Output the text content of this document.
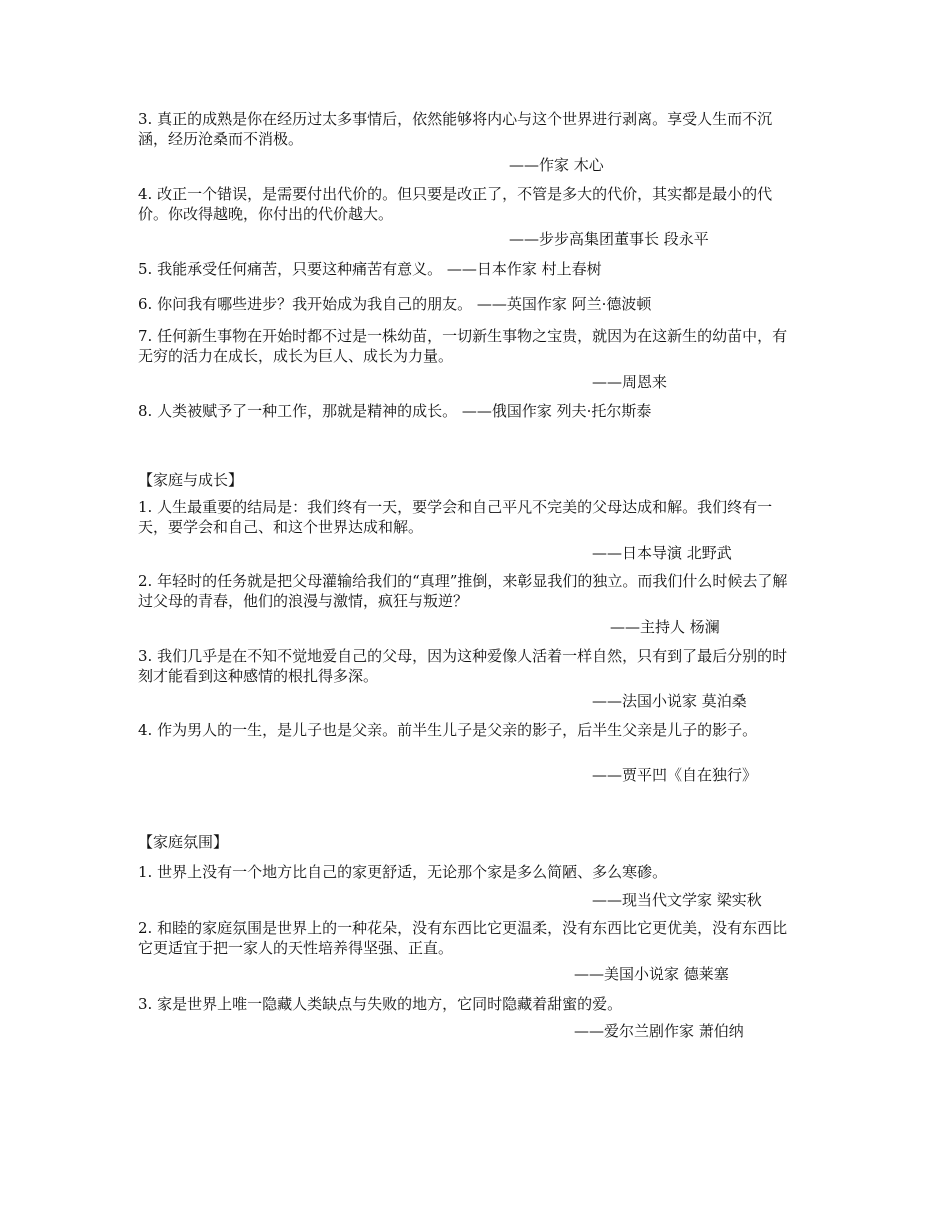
3. 真正的成熟是你在经历过太多事情后，依然能够将内心与这个世界进行剥离。享受人生而不沉涵，经历沧桑而不消极。
——作家 木心
4. 改正一个错误，是需要付出代价的。但只要是改正了，不管是多大的代价，其实都是最小的代价。你改得越晚，你付出的代价越大。
——步步高集团董事长 段永平
5. 我能承受任何痛苦，只要这种痛苦有意义。 ——日本作家 村上春树
6. 你问我有哪些进步？我开始成为我自己的朋友。 ——英国作家 阿兰·德波顿
7. 任何新生事物在开始时都不过是一株幼苗，一切新生事物之宝贵，就因为在这新生的幼苗中，有无穷的活力在成长，成长为巨人、成长为力量。
——周恩来
8. 人类被赋予了一种工作，那就是精神的成长。 ——俄国作家 列夫·托尔斯泰
【家庭与成长】
1. 人生最重要的结局是：我们终有一天，要学会和自己平凡不完美的父母达成和解。我们终有一天，要学会和自己、和这个世界达成和解。
——日本导演 北野武
2. 年轻时的任务就是把父母灌输给我们的“真理”推倒，来彰显我们的独立。而我们什么时候去了解过父母的青春，他们的浪漫与激情，疯狂与叛逆？
——主持人 杨澜
3. 我们几乎是在不知不觉地爱自己的父母，因为这种爱像人活着一样自然，只有到了最后分别的时刻才能看到这种感情的根扎得多深。
——法国小说家 莫泊桑
4. 作为男人的一生，是儿子也是父亲。前半生儿子是父亲的影子，后半生父亲是儿子的影子。
——贾平凹《自在独行》
【家庭氛围】
1. 世界上没有一个地方比自己的家更舒适，无论那个家是多么简陋、多么寒碜。
——现当代文学家 梁实秋
2. 和睦的家庭氛围是世界上的一种花朵，没有东西比它更温柔，没有东西比它更优美，没有东西比它更适宜于把一家人的天性培养得坚强、正直。
——美国小说家 德莱塞
3. 家是世界上唯一隐藏人类缺点与失败的地方，它同时隐藏着甜蜜的爱。
——爱尔兰剧作家 萧伯纳
